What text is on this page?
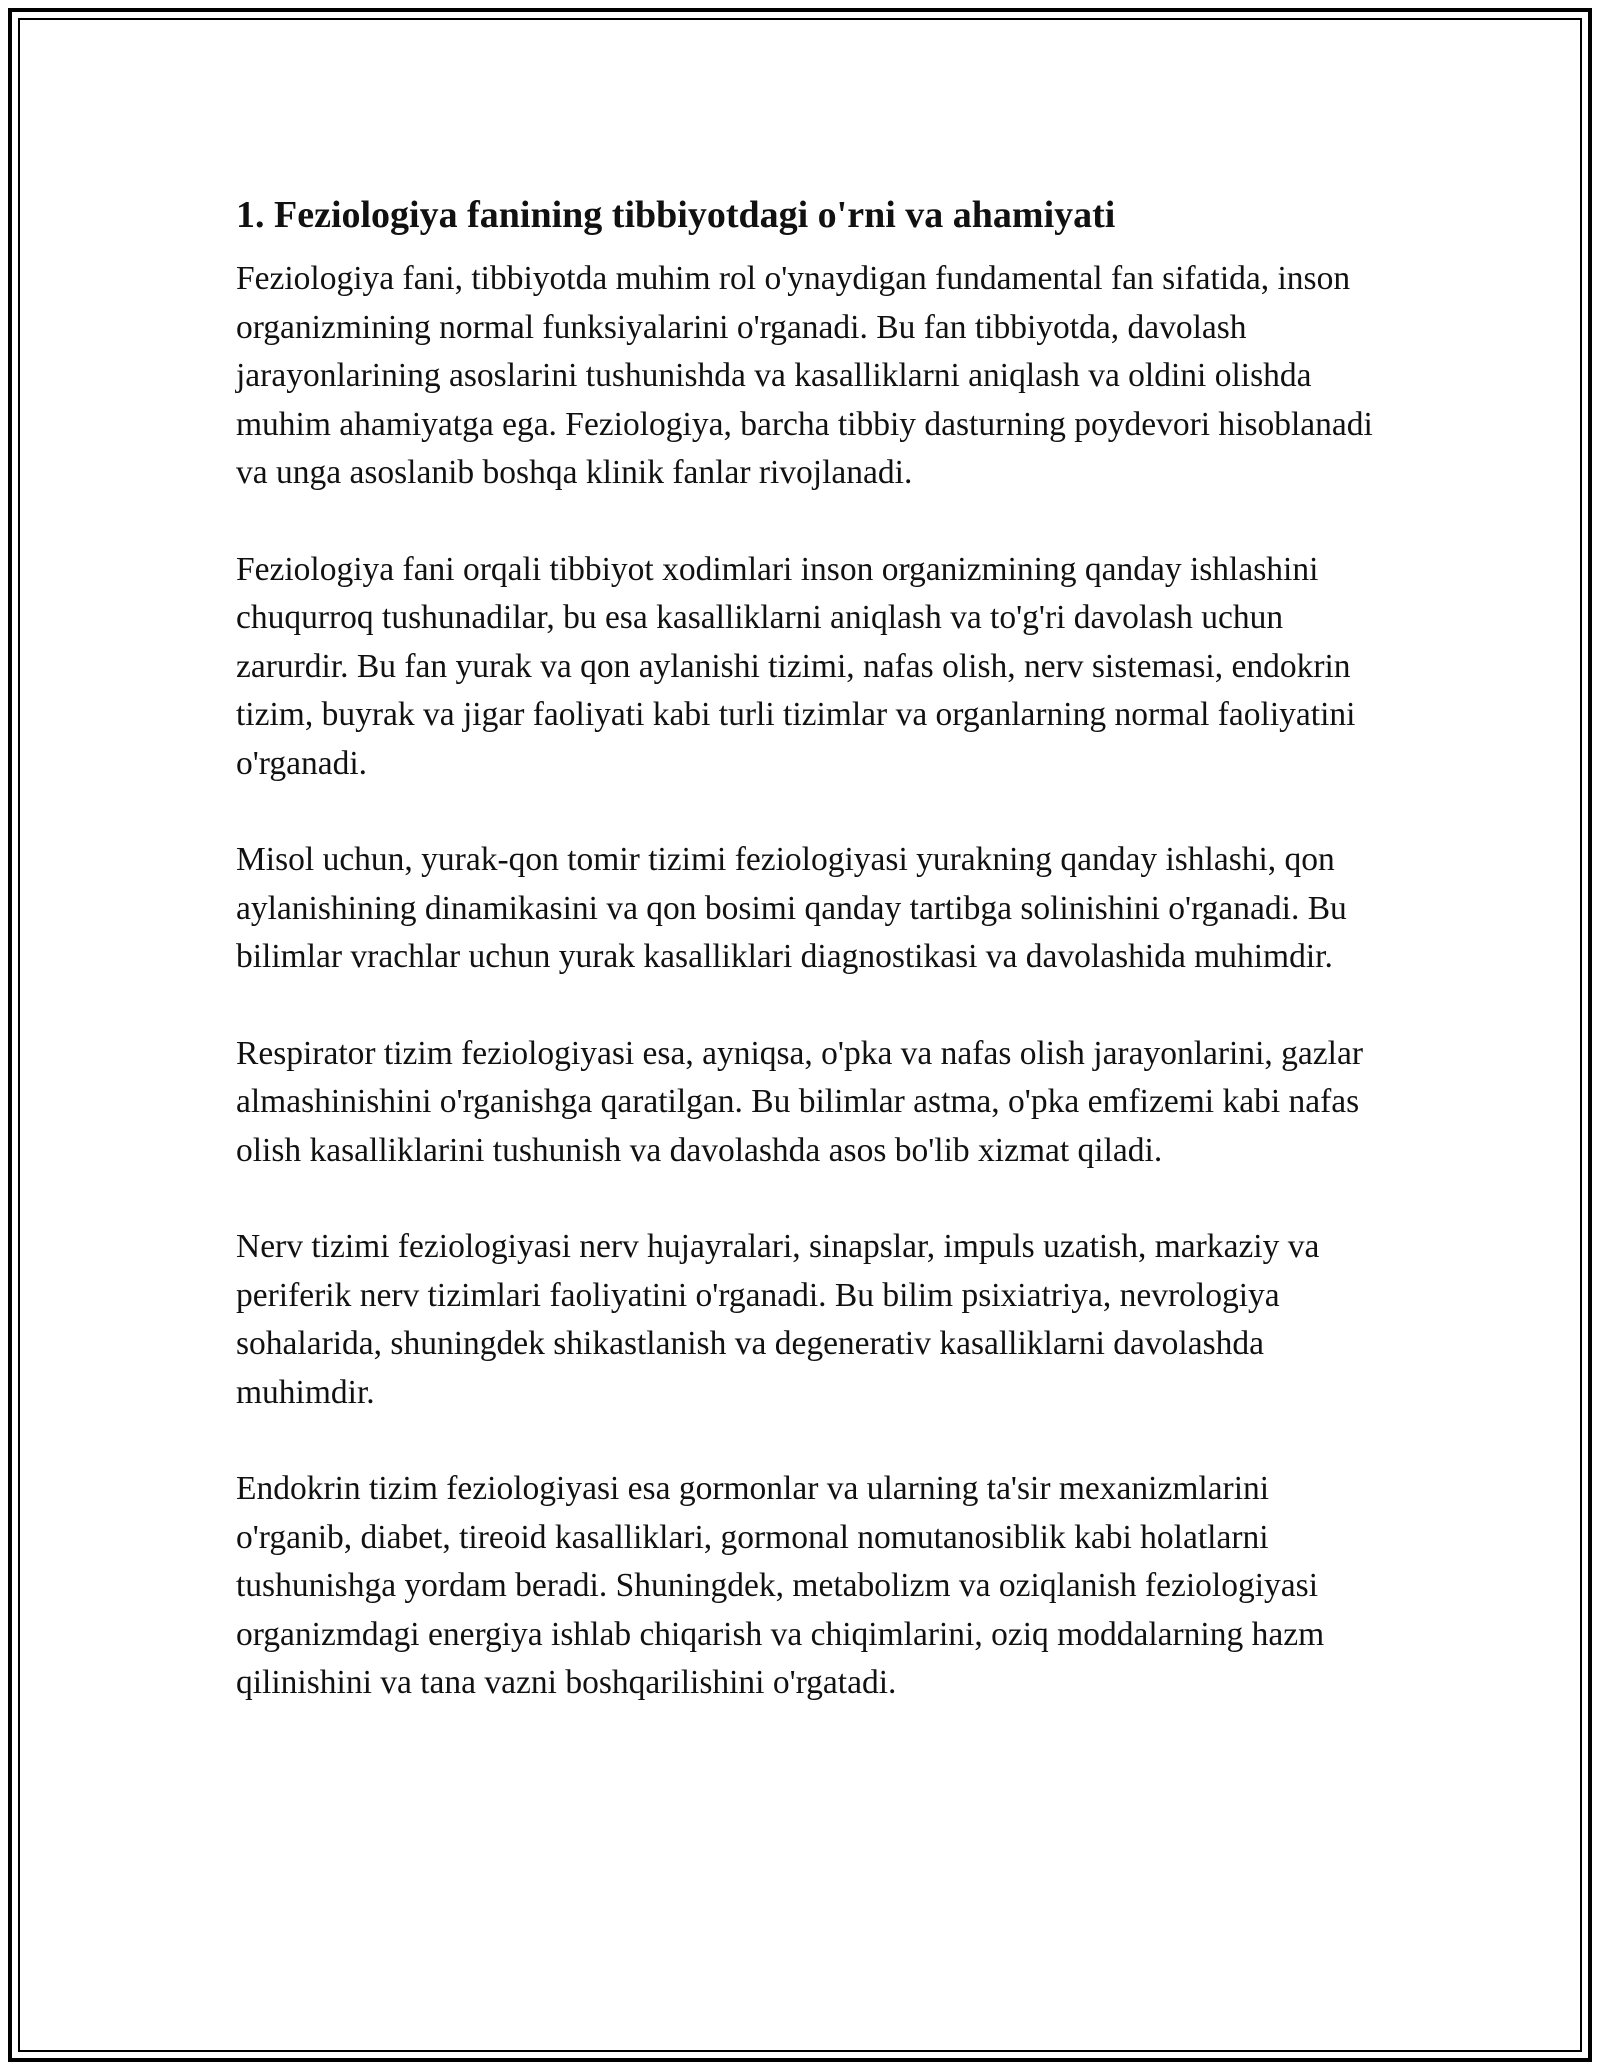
1. Feziologiya fanining tibbiyotdagi o'rni va ahamiyati

Feziologiya fani, tibbiyotda muhim rol o'ynaydigan fundamental fan sifatida, inson organizmining normal funksiyalarini o'rganadi. Bu fan tibbiyotda, davolash jarayonlarining asoslarini tushunishda va kasalliklarni aniqlash va oldini olishda muhim ahamiyatga ega. Feziologiya, barcha tibbiy dasturning poydevori hisoblanadi va unga asoslanib boshqa klinik fanlar rivojlanadi.

Feziologiya fani orqali tibbiyot xodimlari inson organizmining qanday ishlashini chuqurroq tushunadilar, bu esa kasalliklarni aniqlash va to'g'ri davolash uchun zarurdir. Bu fan yurak va qon aylanishi tizimi, nafas olish, nerv sistemasi, endokrin tizim, buyrak va jigar faoliyati kabi turli tizimlar va organlarning normal faoliyatini o'rganadi.

Misol uchun, yurak-qon tomir tizimi feziologiyasi yurakning qanday ishlashi, qon aylanishining dinamikasini va qon bosimi qanday tartibga solinishini o'rganadi. Bu bilimlar vrachlar uchun yurak kasalliklari diagnostikasi va davolashida muhimdir.

Respirator tizim feziologiyasi esa, ayniqsa, o'pka va nafas olish jarayonlarini, gazlar almashinishini o'rganishga qaratilgan. Bu bilimlar astma, o'pka emfizemi kabi nafas olish kasalliklarini tushunish va davolashda asos bo'lib xizmat qiladi.

Nerv tizimi feziologiyasi nerv hujayralari, sinapslar, impuls uzatish, markaziy va periferik nerv tizimlari faoliyatini o'rganadi. Bu bilim psixiatriya, nevrologiya sohalarida, shuningdek shikastlanish va degenerativ kasalliklarni davolashda muhimdir.

Endokrin tizim feziologiyasi esa gormonlar va ularning ta'sir mexanizmlarini o'rganib, diabet, tireoid kasalliklari, gormonal nomutanosiblik kabi holatlarni tushunishga yordam beradi. Shuningdek, metabolizm va oziqlanish feziologiyasi organizmdagi energiya ishlab chiqarish va chiqimlarini, oziq moddalarning hazm qilinishini va tana vazni boshqarilishini o'rgatadi.
